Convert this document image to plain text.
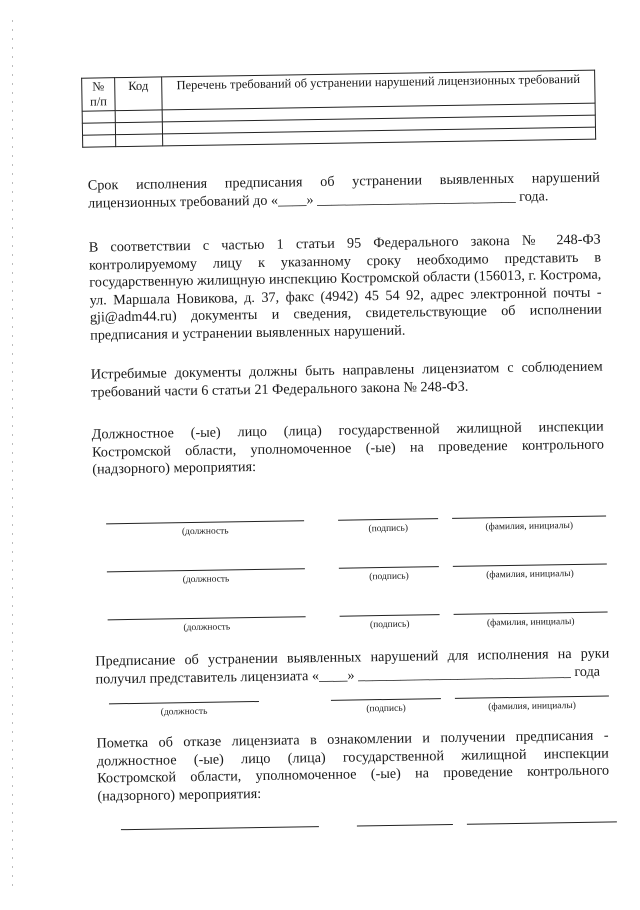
№ п/п	Код	Перечень требований об устранении нарушений лицензионных требований

Срок исполнения предписания об устранении выявленных нарушений лицензионных требований до «____» ____________________________ года.
В соответствии с частью 1 статьи 95 Федерального закона № 248-ФЗ контролируемому лицу к указанному сроку необходимо представить в государственную жилищную инспекцию Костромской области (156013, г. Кострома, ул. Маршала Новикова, д. 37, факс (4942) 45 54 92, адрес электронной почты - gji@adm44.ru) документы и сведения, свидетельствующие об исполнении предписания и устранении выявленных нарушений.
Истребимые документы должны быть направлены лицензиатом с соблюдением требований части 6 статьи 21 Федерального закона № 248-ФЗ.
Должностное (-ые) лицо (лица) государственной жилищной инспекции Костромской области, уполномоченное (-ые) на проведение контрольного (надзорного) мероприятия:
(должность	(подпись)	(фамилия, инициалы)
(должность	(подпись)	(фамилия, инициалы)
(должность	(подпись)	(фамилия, инициалы)
Предписание об устранении выявленных нарушений для исполнения на руки получил представитель лицензиата «____» ______________________________ года
(должность	(подпись)	(фамилия, инициалы)
Пометка об отказе лицензиата в ознакомлении и получении предписания - должностное (-ые) лицо (лица) государственной жилищной инспекции Костромской области, уполномоченное (-ые) на проведение контрольного (надзорного) мероприятия:
